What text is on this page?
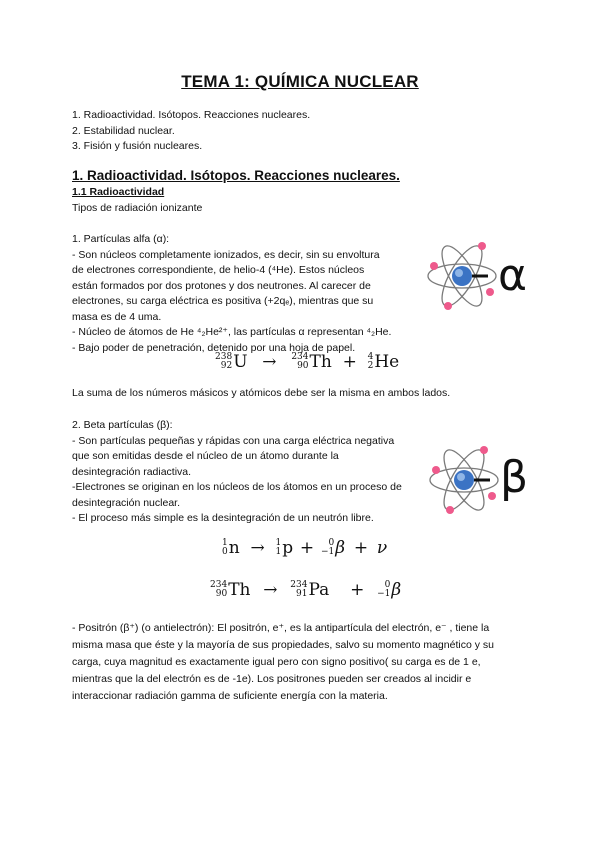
TEMA 1: QUÍMICA NUCLEAR
1. Radioactividad. Isótopos. Reacciones nucleares.
2. Estabilidad nuclear.
3. Fisión y fusión nucleares.
1. Radioactividad. Isótopos. Reacciones nucleares.
1.1 Radioactividad
Tipos de radiación ionizante
1. Partículas alfa (α):
- Son núcleos completamente ionizados, es decir, sin su envoltura
de electrones correspondiente, de helio-4 (⁴He). Estos núcleos
están formados por dos protones y dos neutrones. Al carecer de
electrones, su carga eléctrica es positiva (+2qₑ), mientras que su
masa es de 4 uma.
- Núcleo de átomos de He ⁴₂He²⁺, las partículas α representan ⁴₂He.
- Bajo poder de penetración, detenido por una hoja de papel.
α
238
92 U → 234
90 Th + 4
2 He
La suma de los números másicos y atómicos debe ser la misma en ambos lados.
2. Beta partículas (β):
- Son partículas pequeñas y rápidas con una carga eléctrica negativa
que son emitidas desde el núcleo de un átomo durante la
desintegración radiactiva.
-Electrones se originan en los núcleos de los átomos en un proceso de
desintegración nuclear.
- El proceso más simple es la desintegración de un neutrón libre.
β
1
0 n → 1
1 p + 0
−1 β + ν
234
90 Th → 234
91 Pa + 0
−1 β
- Positrón (β⁺) (o antielectrón): El positrón, e⁺, es la antipartícula del electrón, e⁻ , tiene la
misma masa que éste y la mayoría de sus propiedades, salvo su momento magnético y su
carga, cuya magnitud es exactamente igual pero con signo positivo( su carga es de 1 e,
mientras que la del electrón es de -1e). Los positrones pueden ser creados al incidir e
interaccionar radiación gamma de suficiente energía con la materia.
